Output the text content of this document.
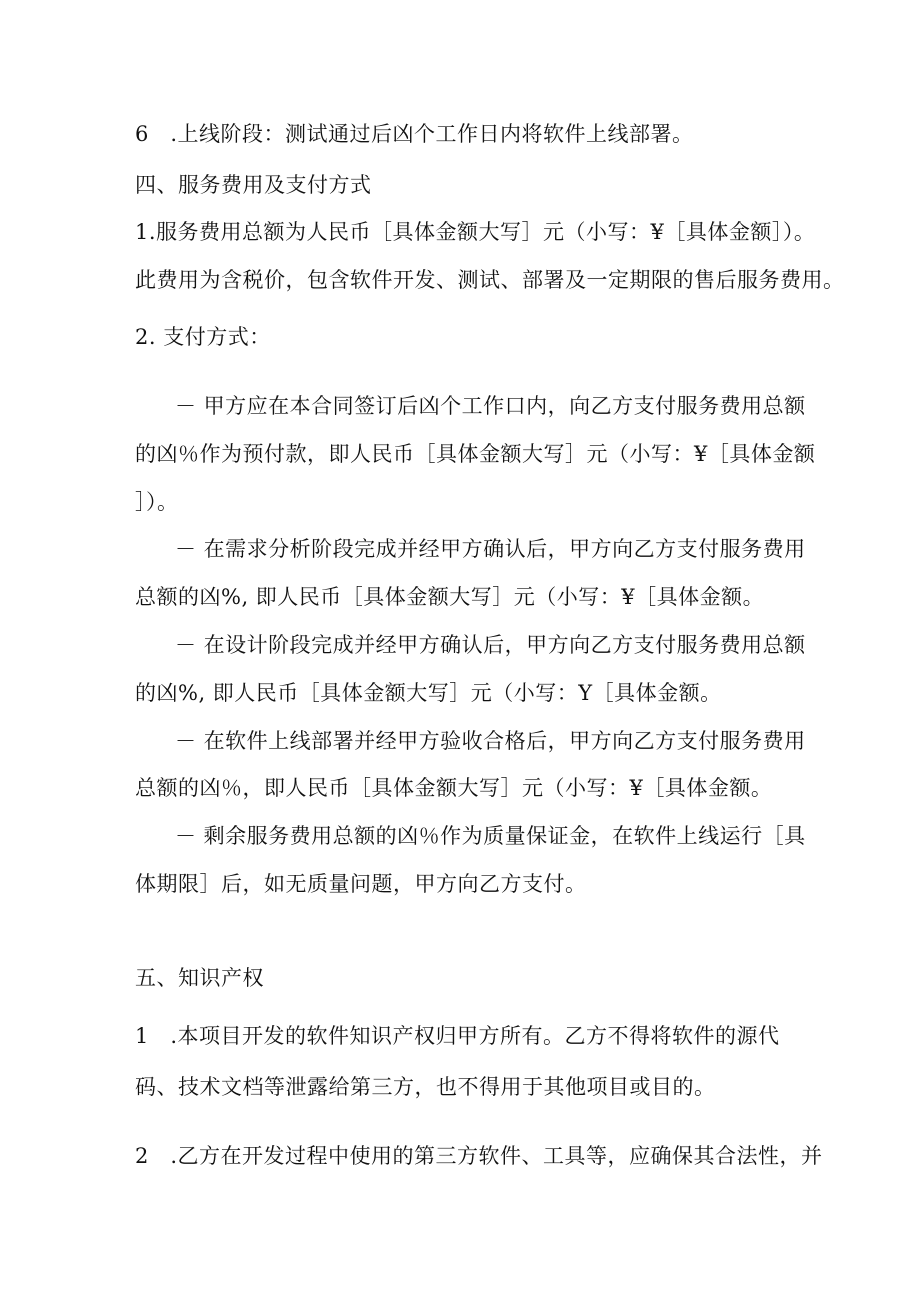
6　.上线阶段：测试通过后凶个工作日内将软件上线部署。
四、服务费用及支付方式
1.服务费用总额为人民币［具体金额大写］元（小写：¥［具体金额］）。
此费用为含税价，包含软件开发、测试、部署及一定期限的售后服务费用。
2. 支付方式：
－ 甲方应在本合同签订后凶个工作口内，向乙方支付服务费用总额
的凶％作为预付款，即人民币［具体金额大写］元（小写：¥［具体金额
］）。
－ 在需求分析阶段完成并经甲方确认后，甲方向乙方支付服务费用
总额的凶%, 即人民币［具体金额大写］元（小写：¥［具体金额。
－ 在设计阶段完成并经甲方确认后，甲方向乙方支付服务费用总额
的凶%, 即人民币［具体金额大写］元（小写：Y［具体金额。
－ 在软件上线部署并经甲方验收合格后，甲方向乙方支付服务费用
总额的凶％，即人民币［具体金额大写］元（小写：¥［具体金额。
－ 剩余服务费用总额的凶％作为质量保证金，在软件上线运行［具
体期限］后，如无质量问题，甲方向乙方支付。
五、知识产权
1　.本项目开发的软件知识产权归甲方所有。乙方不得将软件的源代
码、技术文档等泄露给第三方，也不得用于其他项目或目的。
2　.乙方在开发过程中使用的第三方软件、工具等，应确保其合法性，并
